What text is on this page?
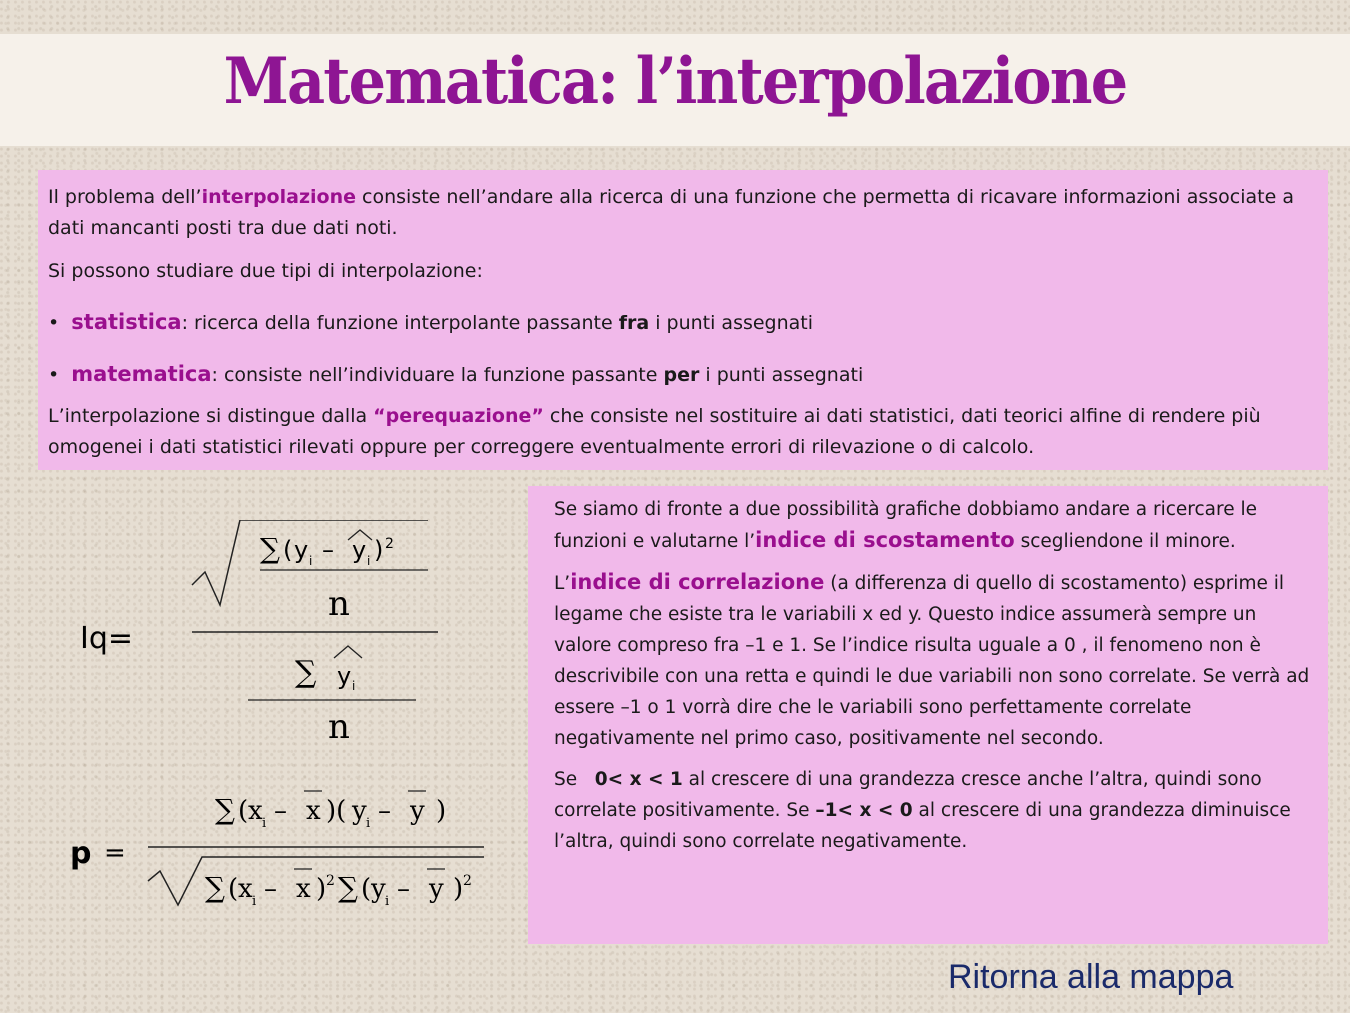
Matematica: l’interpolazione

Il problema dell’interpolazione consiste nell’andare alla ricerca di una funzione che permetta di ricavare informazioni associate a dati mancanti posti tra due dati noti.

Si possono studiare due tipi di interpolazione:

•  statistica: ricerca della funzione interpolante passante fra i punti assegnati
•  matematica: consiste nell’individuare la funzione passante per i punti assegnati

L’interpolazione si distingue dalla “perequazione” che consiste nel sostituire ai dati statistici, dati teorici alfine di rendere più omogenei i dati statistici rilevati oppure per correggere eventualmente errori di rilevazione o di calcolo.

Iq=
∑ ( y i – y i ) 2
n
∑ y i
n
p =
∑ ( x i – x )( y i – y )
∑ ( x i – x ) 2 ∑ ( y i – y ) 2

Se siamo di fronte a due possibilità grafiche dobbiamo andare a ricercare le funzioni e valutarne l’indice di scostamento scegliendone il minore.

L’indice di correlazione (a differenza di quello di scostamento) esprime il legame che esiste tra le variabili x ed y. Questo indice assumerà sempre un valore compreso fra –1 e 1. Se l’indice risulta uguale a 0 , il fenomeno non è descrivibile con una retta e quindi le due variabili non sono correlate. Se verrà ad essere –1 o 1 vorrà dire che le variabili sono perfettamente correlate negativamente nel primo caso, positivamente nel secondo.

Se   0< x < 1 al crescere di una grandezza cresce anche l’altra, quindi sono correlate positivamente. Se –1< x < 0 al crescere di una grandezza diminuisce l’altra, quindi sono correlate negativamente.

Ritorna alla mappa
